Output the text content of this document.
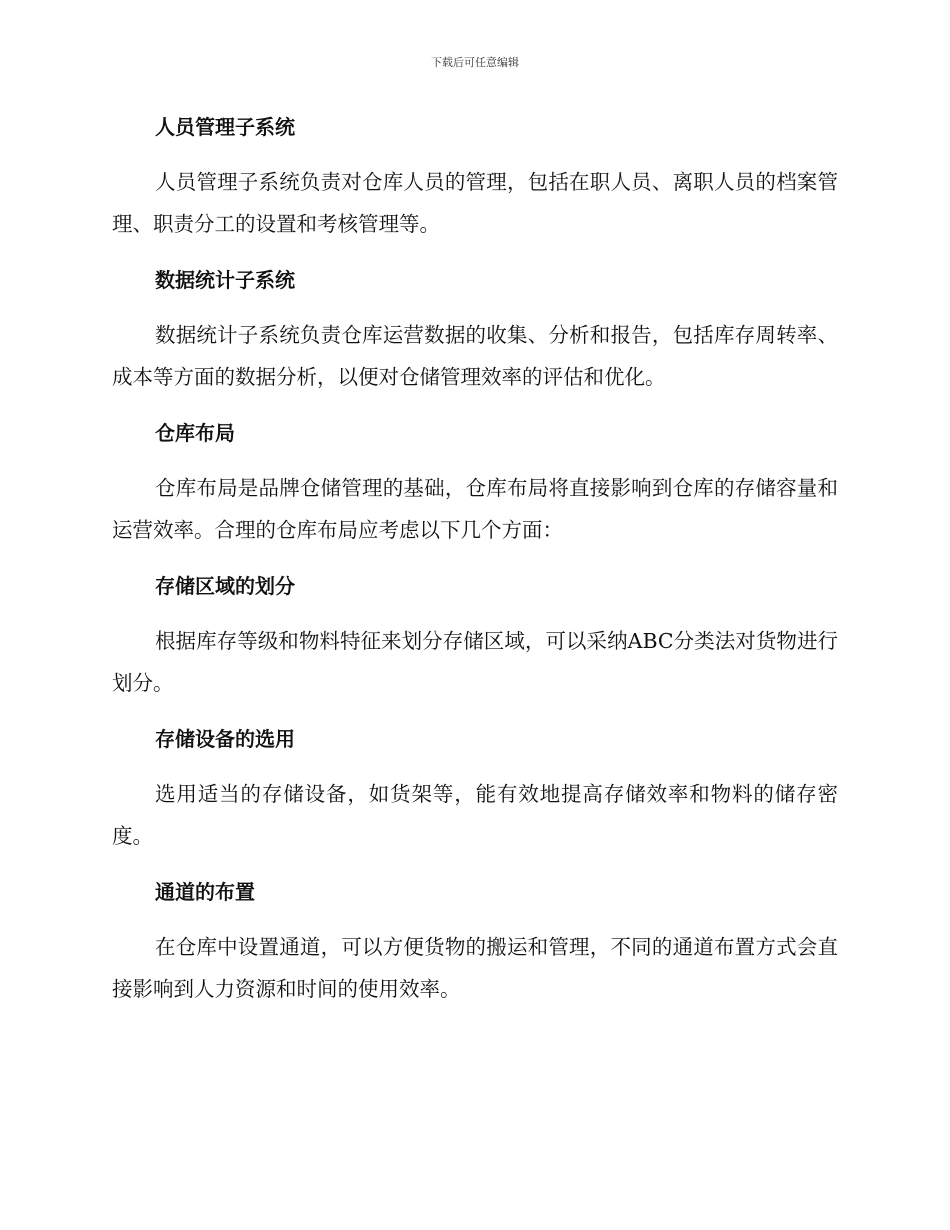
下载后可任意编辑
人员管理子系统

人员管理子系统负责对仓库人员的管理，包括在职人员、离职人员的档案管理、职责分工的设置和考核管理等。

数据统计子系统

数据统计子系统负责仓库运营数据的收集、分析和报告，包括库存周转率、成本等方面的数据分析，以便对仓储管理效率的评估和优化。

仓库布局

仓库布局是品牌仓储管理的基础，仓库布局将直接影响到仓库的存储容量和运营效率。合理的仓库布局应考虑以下几个方面：

存储区域的划分

根据库存等级和物料特征来划分存储区域，可以采纳ABC分类法对货物进行划分。

存储设备的选用

选用适当的存储设备，如货架等，能有效地提高存储效率和物料的储存密度。

通道的布置

在仓库中设置通道，可以方便货物的搬运和管理，不同的通道布置方式会直接影响到人力资源和时间的使用效率。
